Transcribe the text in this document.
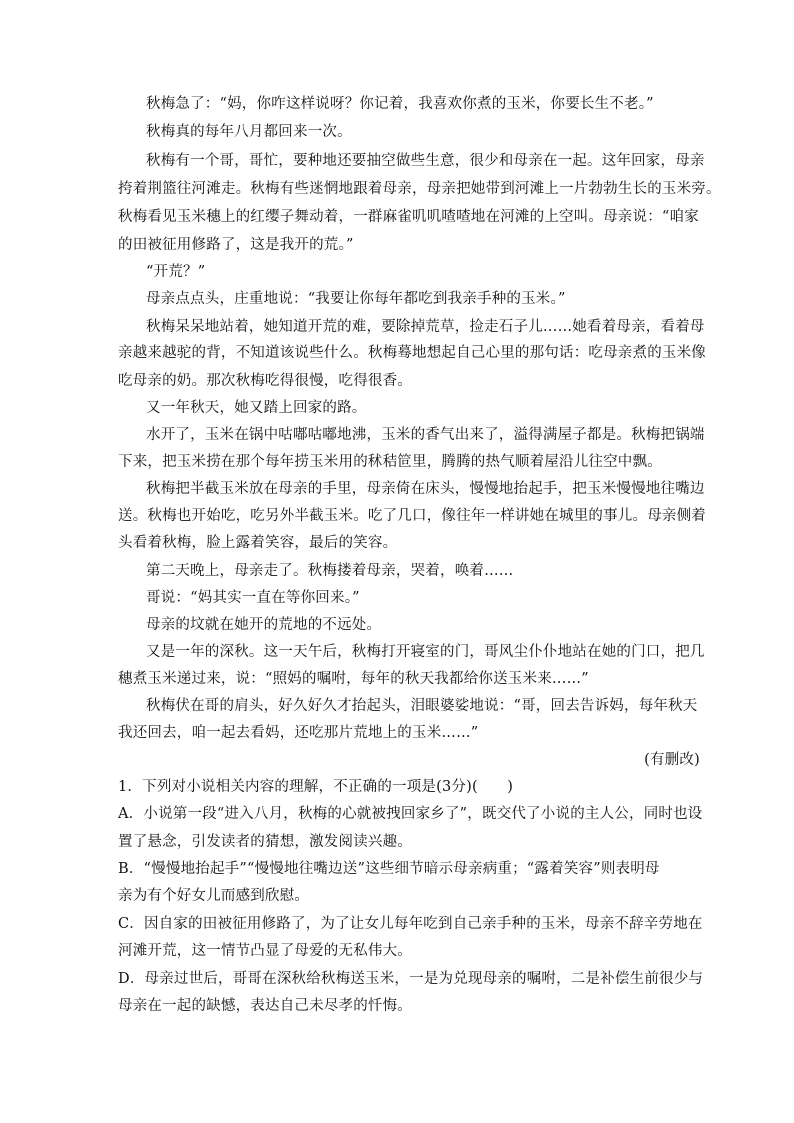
秋梅急了：“妈，你咋这样说呀？你记着，我喜欢你煮的玉米，你要长生不老。”
秋梅真的每年八月都回来一次。
秋梅有一个哥，哥忙，要种地还要抽空做些生意，很少和母亲在一起。这年回家，母亲
挎着荆篮往河滩走。秋梅有些迷惘地跟着母亲，母亲把她带到河滩上一片勃勃生长的玉米旁。
秋梅看见玉米穗上的红缨子舞动着，一群麻雀叽叽喳喳地在河滩的上空叫。母亲说：“咱家
的田被征用修路了，这是我开的荒。”
“开荒？”
母亲点点头，庄重地说：“我要让你每年都吃到我亲手种的玉米。”
秋梅呆呆地站着，她知道开荒的难，要除掉荒草，捡走石子儿……她看着母亲，看着母
亲越来越驼的背，不知道该说些什么。秋梅蓦地想起自己心里的那句话：吃母亲煮的玉米像
吃母亲的奶。那次秋梅吃得很慢，吃得很香。
又一年秋天，她又踏上回家的路。
水开了，玉米在锅中咕嘟咕嘟地沸，玉米的香气出来了，溢得满屋子都是。秋梅把锅端
下来，把玉米捞在那个每年捞玉米用的秫秸笸里，腾腾的热气顺着屋沿儿往空中飘。
秋梅把半截玉米放在母亲的手里，母亲倚在床头，慢慢地抬起手，把玉米慢慢地往嘴边
送。秋梅也开始吃，吃另外半截玉米。吃了几口，像往年一样讲她在城里的事儿。母亲侧着
头看着秋梅，脸上露着笑容，最后的笑容。
第二天晚上，母亲走了。秋梅搂着母亲，哭着，唤着……
哥说：“妈其实一直在等你回来。”
母亲的坟就在她开的荒地的不远处。
又是一年的深秋。这一天午后，秋梅打开寝室的门，哥风尘仆仆地站在她的门口，把几
穗煮玉米递过来，说：“照妈的嘱咐，每年的秋天我都给你送玉米来……”
秋梅伏在哥的肩头，好久好久才抬起头，泪眼婆娑地说：“哥，回去告诉妈，每年秋天
我还回去，咱一起去看妈，还吃那片荒地上的玉米……”
(有删改)
1．下列对小说相关内容的理解，不正确的一项是(3分)(　　)
A．小说第一段“进入八月，秋梅的心就被拽回家乡了”，既交代了小说的主人公，同时也设
置了悬念，引发读者的猜想，激发阅读兴趣。
B．“慢慢地抬起手”“慢慢地往嘴边送”这些细节暗示母亲病重；“露着笑容”则表明母
亲为有个好女儿而感到欣慰。
C．因自家的田被征用修路了，为了让女儿每年吃到自己亲手种的玉米，母亲不辞辛劳地在
河滩开荒，这一情节凸显了母爱的无私伟大。
D．母亲过世后，哥哥在深秋给秋梅送玉米，一是为兑现母亲的嘱咐，二是补偿生前很少与
母亲在一起的缺憾，表达自己未尽孝的忏悔。
